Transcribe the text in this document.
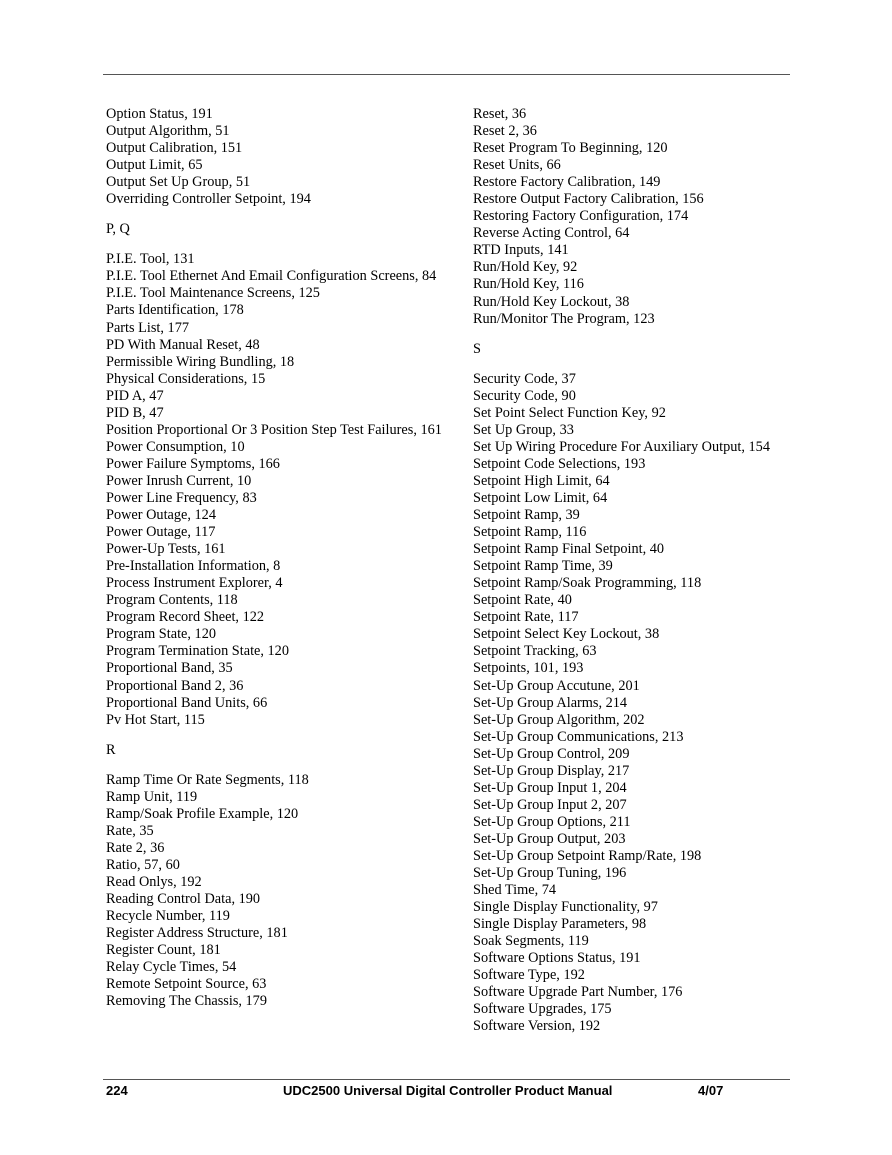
Option Status, 191

Output Algorithm, 51

Output Calibration, 151

Output Limit, 65

Output Set Up Group, 51

Overriding Controller Setpoint, 194

P, Q

P.I.E. Tool, 131

P.I.E. Tool Ethernet And Email Configuration Screens, 84

P.I.E. Tool Maintenance Screens, 125

Parts Identification, 178

Parts List, 177

PD With Manual Reset, 48

Permissible Wiring Bundling, 18

Physical Considerations, 15

PID A, 47

PID B, 47

Position Proportional Or 3 Position Step Test Failures, 161

Power Consumption, 10

Power Failure Symptoms, 166

Power Inrush Current, 10

Power Line Frequency, 83

Power Outage, 124

Power Outage, 117

Power-Up Tests, 161

Pre-Installation Information, 8

Process Instrument Explorer, 4

Program Contents, 118

Program Record Sheet, 122

Program State, 120

Program Termination State, 120

Proportional Band, 35

Proportional Band 2, 36

Proportional Band Units, 66

Pv Hot Start, 115

R

Ramp Time Or Rate Segments, 118

Ramp Unit, 119

Ramp/Soak Profile Example, 120

Rate, 35

Rate 2, 36

Ratio, 57, 60

Read Onlys, 192

Reading Control Data, 190

Recycle Number, 119

Register Address Structure, 181

Register Count, 181

Relay Cycle Times, 54

Remote Setpoint Source, 63

Removing The Chassis, 179

Reset, 36

Reset 2, 36

Reset Program To Beginning, 120

Reset Units, 66

Restore Factory Calibration, 149

Restore Output Factory Calibration, 156

Restoring Factory Configuration, 174

Reverse Acting Control, 64

RTD Inputs, 141

Run/Hold Key, 92

Run/Hold Key, 116

Run/Hold Key Lockout, 38

Run/Monitor The Program, 123

S

Security Code, 37

Security Code, 90

Set Point Select Function Key, 92

Set Up Group, 33

Set Up Wiring Procedure For Auxiliary Output, 154

Setpoint Code Selections, 193

Setpoint High Limit, 64

Setpoint Low Limit, 64

Setpoint Ramp, 39

Setpoint Ramp, 116

Setpoint Ramp Final Setpoint, 40

Setpoint Ramp Time, 39

Setpoint Ramp/Soak Programming, 118

Setpoint Rate, 40

Setpoint Rate, 117

Setpoint Select Key Lockout, 38

Setpoint Tracking, 63

Setpoints, 101, 193

Set-Up Group Accutune, 201

Set-Up Group Alarms, 214

Set-Up Group Algorithm, 202

Set-Up Group Communications, 213

Set-Up Group Control, 209

Set-Up Group Display, 217

Set-Up Group Input 1, 204

Set-Up Group Input 2, 207

Set-Up Group Options, 211

Set-Up Group Output, 203

Set-Up Group Setpoint Ramp/Rate, 198

Set-Up Group Tuning, 196

Shed Time, 74

Single Display Functionality, 97

Single Display Parameters, 98

Soak Segments, 119

Software Options Status, 191

Software Type, 192

Software Upgrade Part Number, 176

Software Upgrades, 175

Software Version, 192

224	UDC2500 Universal Digital Controller Product Manual	4/07
